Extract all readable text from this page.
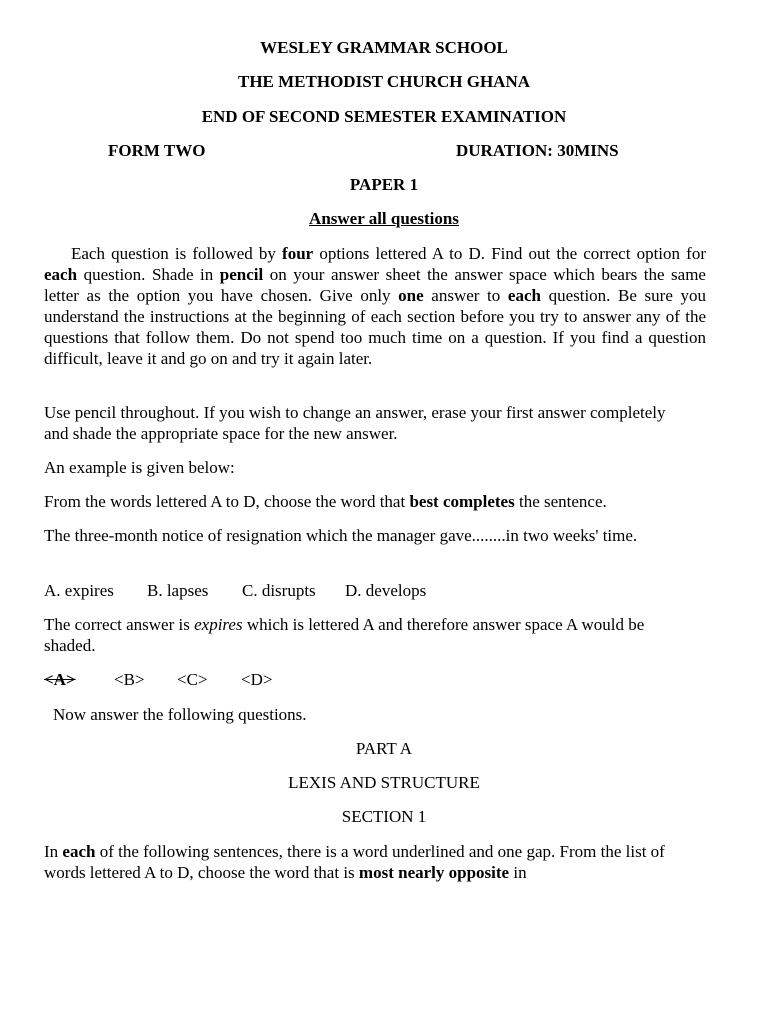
WESLEY GRAMMAR SCHOOL
THE METHODIST CHURCH GHANA
END OF SECOND SEMESTER EXAMINATION
FORM TWO	DURATION: 30MINS
PAPER 1
Answer all questions

Each question is followed by four options lettered A to D. Find out the correct option for each question. Shade in pencil on your answer sheet the answer space which bears the same letter as the option you have chosen. Give only one answer to each question. Be sure you understand the instructions at the beginning of each section before you try to answer any of the questions that follow them. Do not spend too much time on a question. If you find a question difficult, leave it and go on and try it again later.

Use pencil throughout. If you wish to change an answer, erase your first answer completely and shade the appropriate space for the new answer.

An example is given below:
From the words lettered A to D, choose the word that best completes the sentence.

The three-month notice of resignation which the manager gave........in two weeks' time.

A. expires B. lapses C. disrupts D. develops

The correct answer is expires which is lettered A and therefore answer space A would be shaded.

<A> <B> <C> <D>
Now answer the following questions.
PART A
LEXIS AND STRUCTURE
SECTION 1

In each of the following sentences, there is a word underlined and one gap. From the list of words lettered A to D, choose the word that is most nearly opposite in
